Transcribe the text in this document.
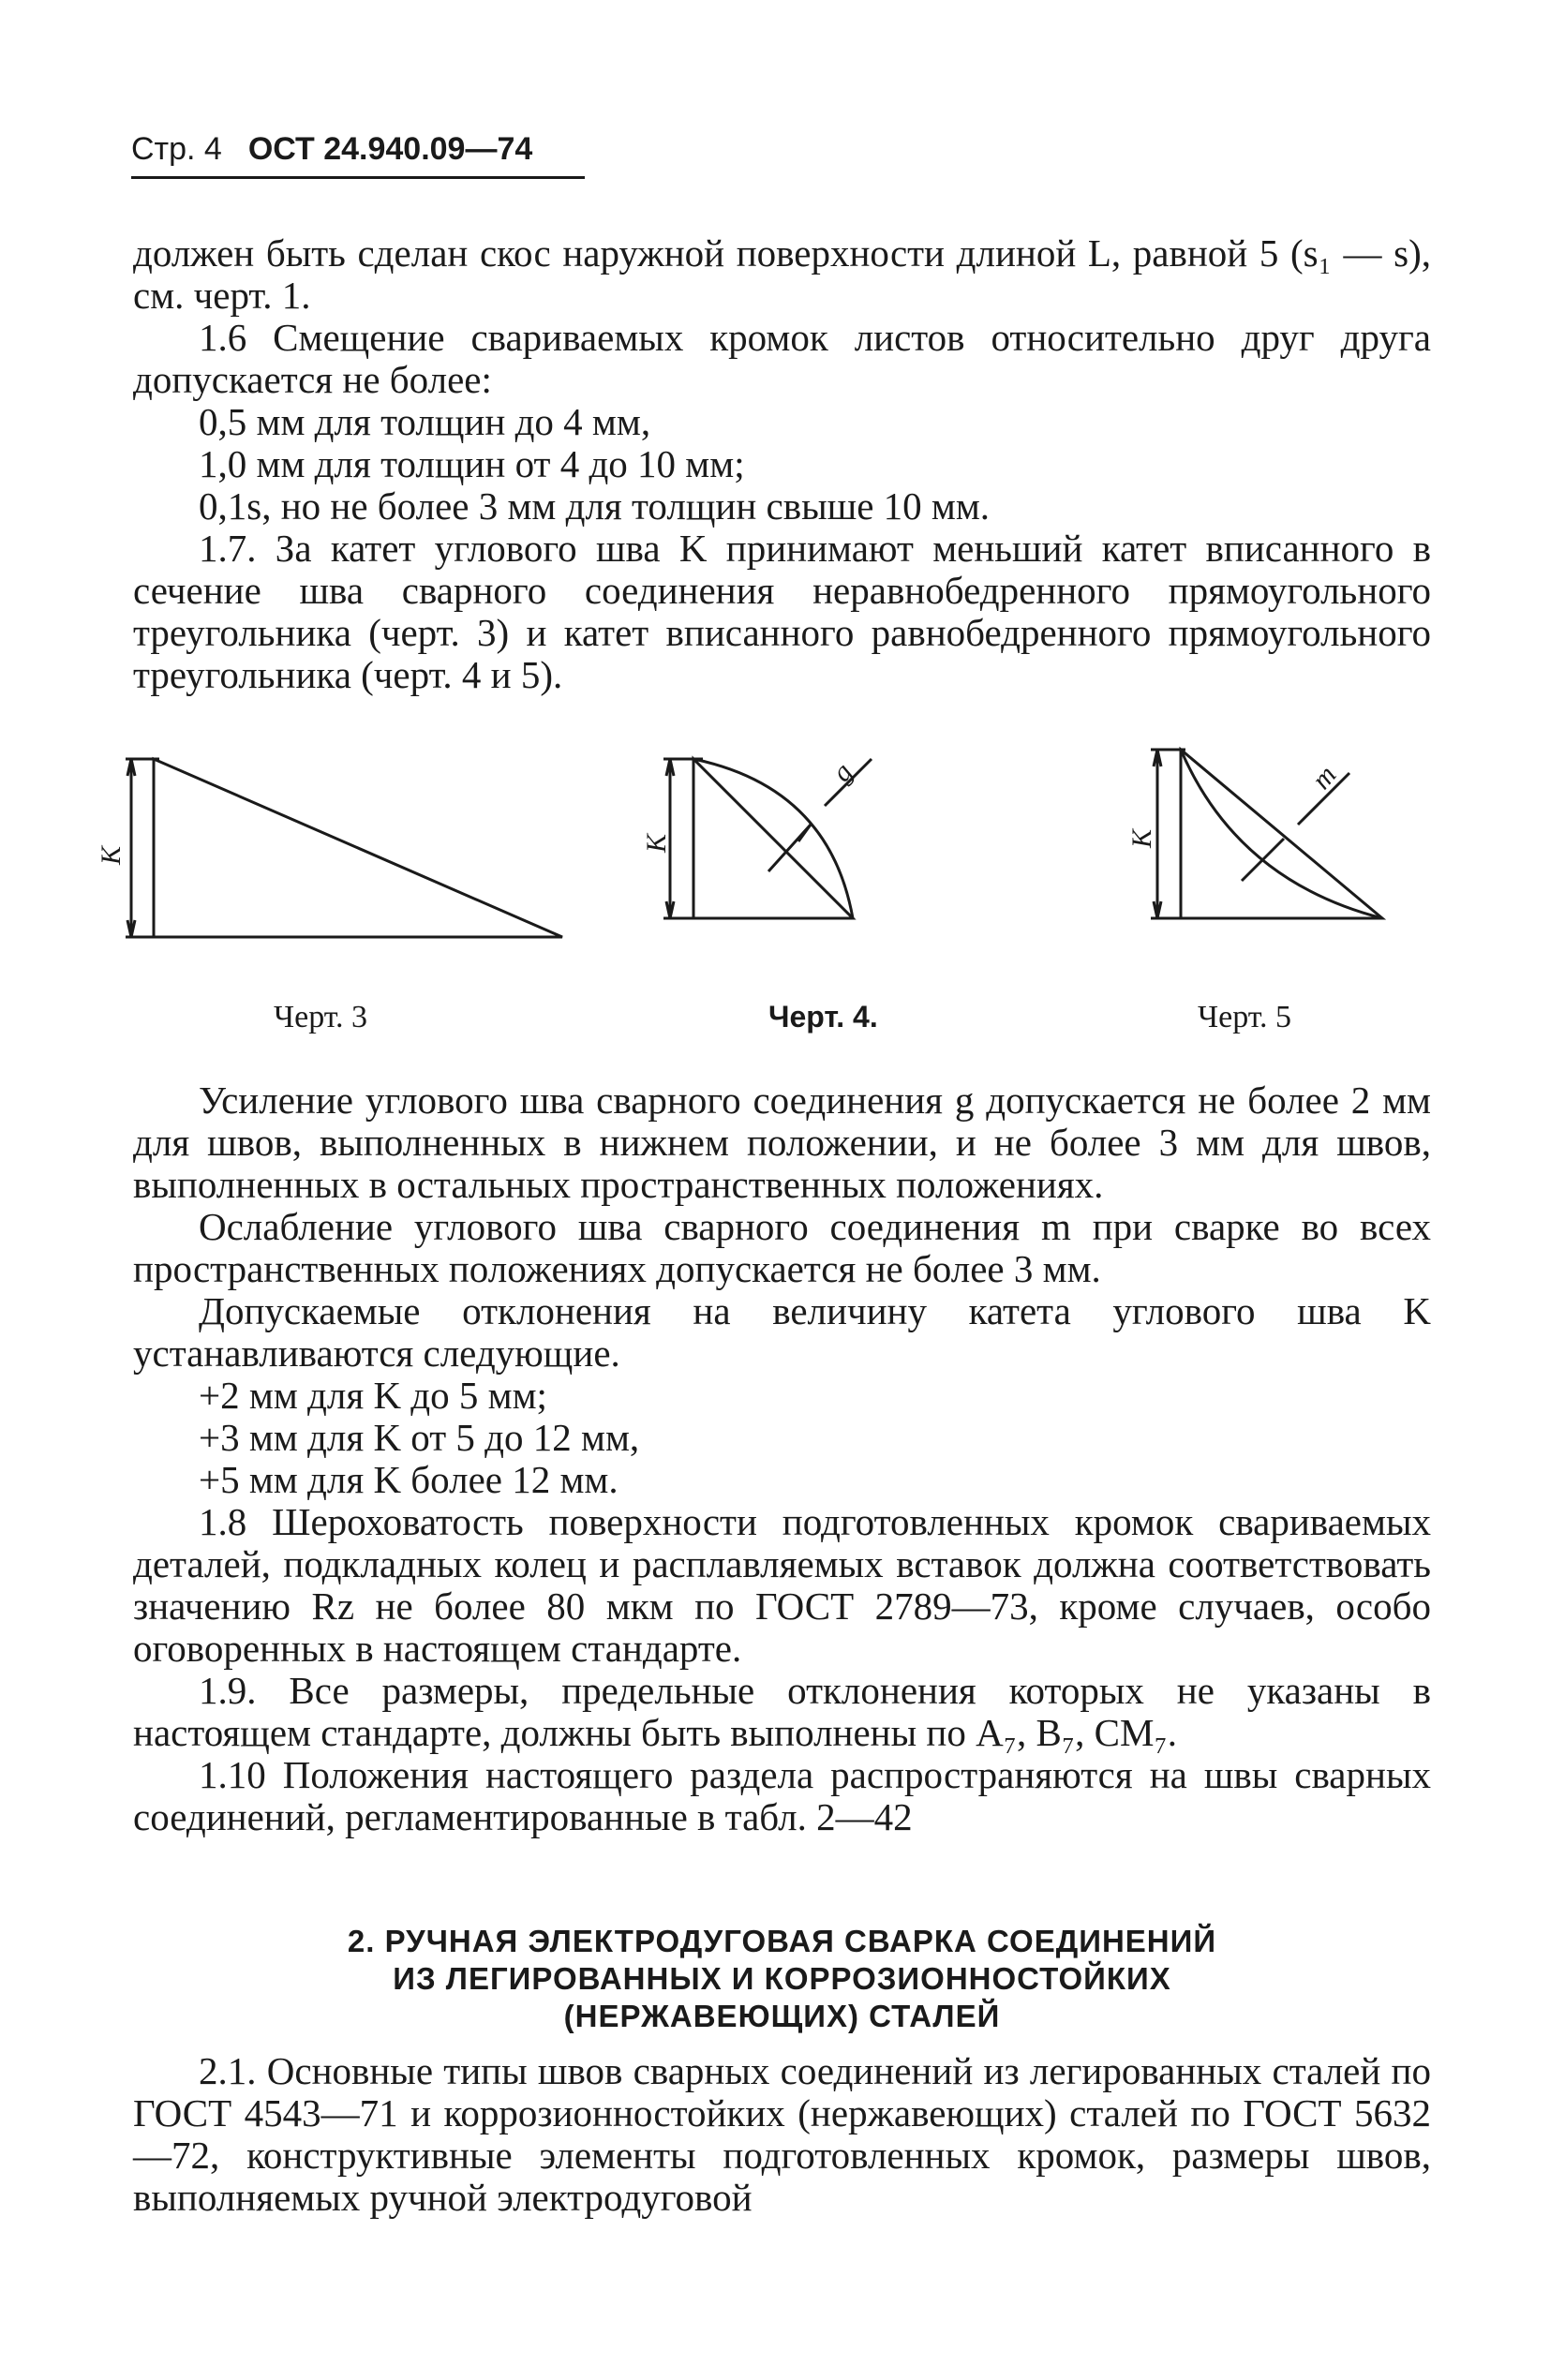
Стр. 4 ОСТ 24.940.09—74

должен быть сделан скос наружной поверхности длиной L, равной 5 (s₁ — s), см. черт. 1.

1.6 Смещение свариваемых кромок листов относительно друг друга допускается не более:

0,5 мм для толщин до 4 мм,

1,0 мм для толщин от 4 до 10 мм;

0,1s, но не более 3 мм для толщин свыше 10 мм.

1.7. За катет углового шва K принимают меньший катет вписанного в сечение шва сварного соединения неравнобедренного прямоугольного треугольника (черт. 3) и катет вписанного равнобедренного прямоугольного треугольника (черт. 4 и 5).

K
K
g
K
m
Черт. 3	Черт. 4.	Черт. 5

Усиление углового шва сварного соединения g допускается не более 2 мм для швов, выполненных в нижнем положении, и не более 3 мм для швов, выполненных в остальных пространственных положениях.

Ослабление углового шва сварного соединения m при сварке во всех пространственных положениях допускается не более 3 мм.

Допускаемые отклонения на величину катета углового шва K устанавливаются следующие.

+2 мм для K до 5 мм;

+3 мм для K от 5 до 12 мм,

+5 мм для K более 12 мм.

1.8 Шероховатость поверхности подготовленных кромок свариваемых деталей, подкладных колец и расплавляемых вставок должна соответствовать значению Rz не более 80 мкм по ГОСТ 2789—73, кроме случаев, особо оговоренных в настоящем стандарте.

1.9. Все размеры, предельные отклонения которых не указаны в настоящем стандарте, должны быть выполнены по A₇, B₇, CM₇.

1.10 Положения настоящего раздела распространяются на швы сварных соединений, регламентированные в табл. 2—42

2. РУЧНАЯ ЭЛЕКТРОДУГОВАЯ СВАРКА СОЕДИНЕНИЙ
ИЗ ЛЕГИРОВАННЫХ И КОРРОЗИОННОСТОЙКИХ
(НЕРЖАВЕЮЩИХ) СТАЛЕЙ

2.1. Основные типы швов сварных соединений из легированных сталей по ГОСТ 4543—71 и коррозионностойких (нержавеющих) сталей по ГОСТ 5632—72, конструктивные элементы подготовленных кромок, размеры швов, выполняемых ручной электродуговой
